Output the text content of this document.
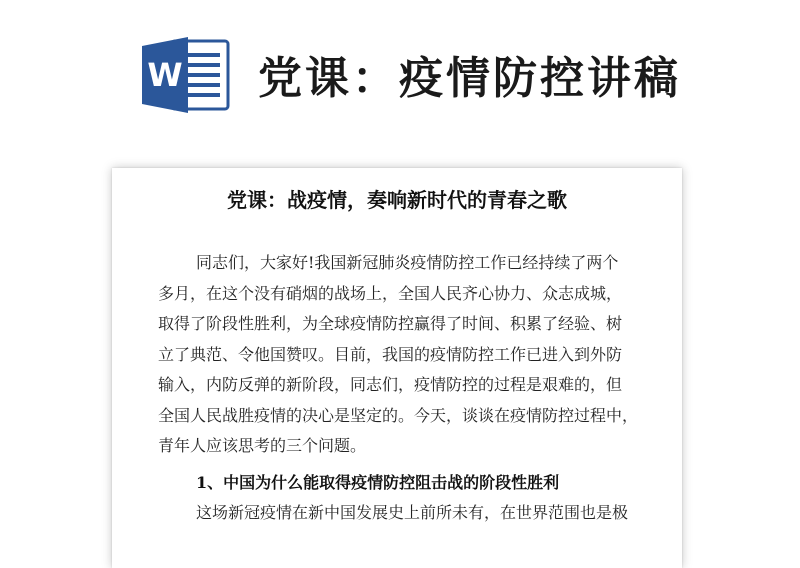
W 党课：疫情防控讲稿
党课：战疫情，奏响新时代的青春之歌
同志们，大家好!我国新冠肺炎疫情防控工作已经持续了两个
多月，在这个没有硝烟的战场上，全国人民齐心协力、众志成城，
取得了阶段性胜利，为全球疫情防控赢得了时间、积累了经验、树
立了典范、令他国赞叹。目前，我国的疫情防控工作已进入到外防
输入，内防反弹的新阶段，同志们，疫情防控的过程是艰难的，但
全国人民战胜疫情的决心是坚定的。今天，谈谈在疫情防控过程中，
青年人应该思考的三个问题。
1、中国为什么能取得疫情防控阻击战的阶段性胜利
这场新冠疫情在新中国发展史上前所未有，在世界范围也是极
